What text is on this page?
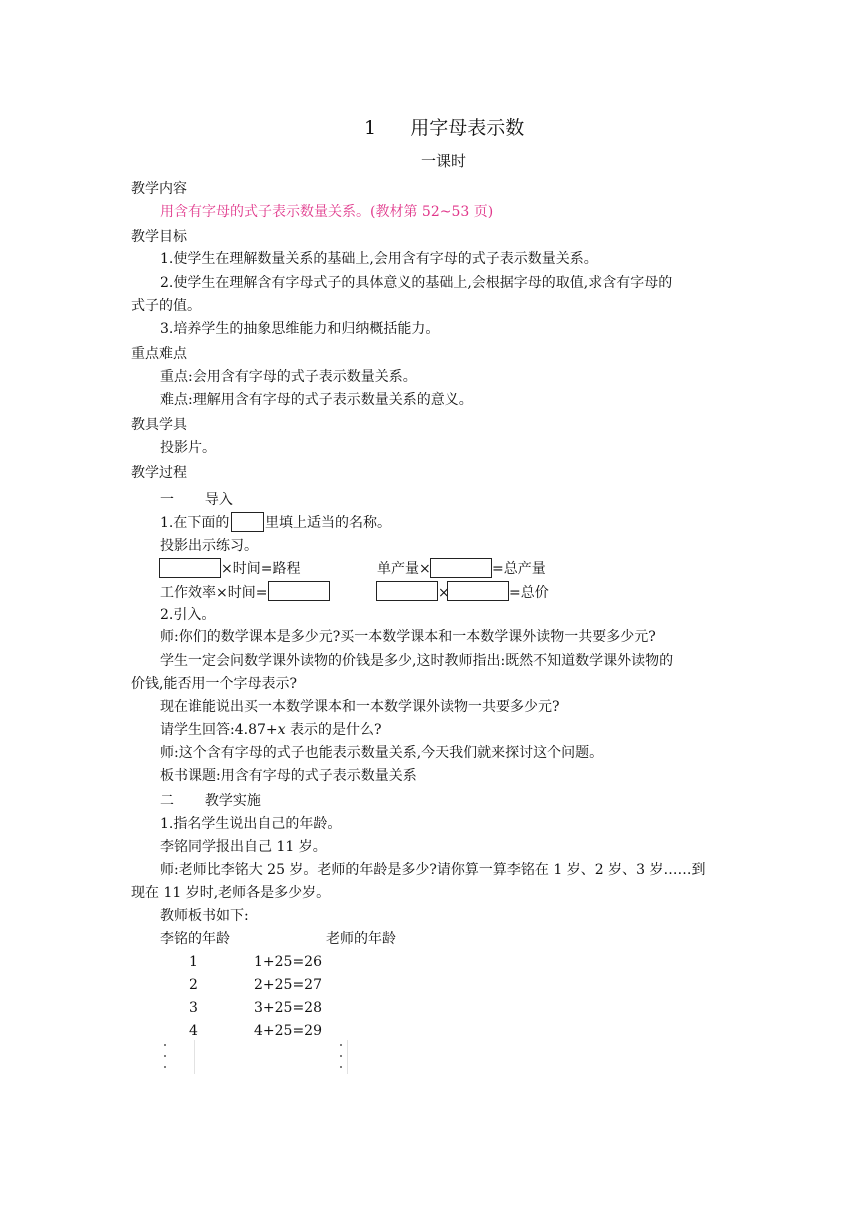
1 用字母表示数
一课时
教学内容
用含有字母的式子表示数量关系。(教材第 52~53 页)
教学目标
1.使学生在理解数量关系的基础上,会用含有字母的式子表示数量关系。
2.使学生在理解含有字母式子的具体意义的基础上,会根据字母的取值,求含有字母的
式子的值。
3.培养学生的抽象思维能力和归纳概括能力。
重点难点
重点:会用含有字母的式子表示数量关系。
难点:理解用含有字母的式子表示数量关系的意义。
教具学具
投影片。
教学过程
一 导入
1.在下面的	里填上适当的名称。
投影出示练习。
×时间=路程	单产量×	=总产量
工作效率×时间=	×	=总价
2.引入。
师:你们的数学课本是多少元?买一本数学课本和一本数学课外读物一共要多少元?
学生一定会问数学课外读物的价钱是多少,这时教师指出:既然不知道数学课外读物的
价钱,能否用一个字母表示?
现在谁能说出买一本数学课本和一本数学课外读物一共要多少元?
请学生回答:4.87+x 表示的是什么?
师:这个含有字母的式子也能表示数量关系,今天我们就来探讨这个问题。
板书课题:用含有字母的式子表示数量关系
二 教学实施
1.指名学生说出自己的年龄。
李铭同学报出自己 11 岁。
师:老师比李铭大 25 岁。老师的年龄是多少?请你算一算李铭在 1 岁、2 岁、3 岁……到
现在 11 岁时,老师各是多少岁。
教师板书如下:
李铭的年龄	老师的年龄
1	1+25=26
2	2+25=27
3	3+25=28
4	4+25=29
